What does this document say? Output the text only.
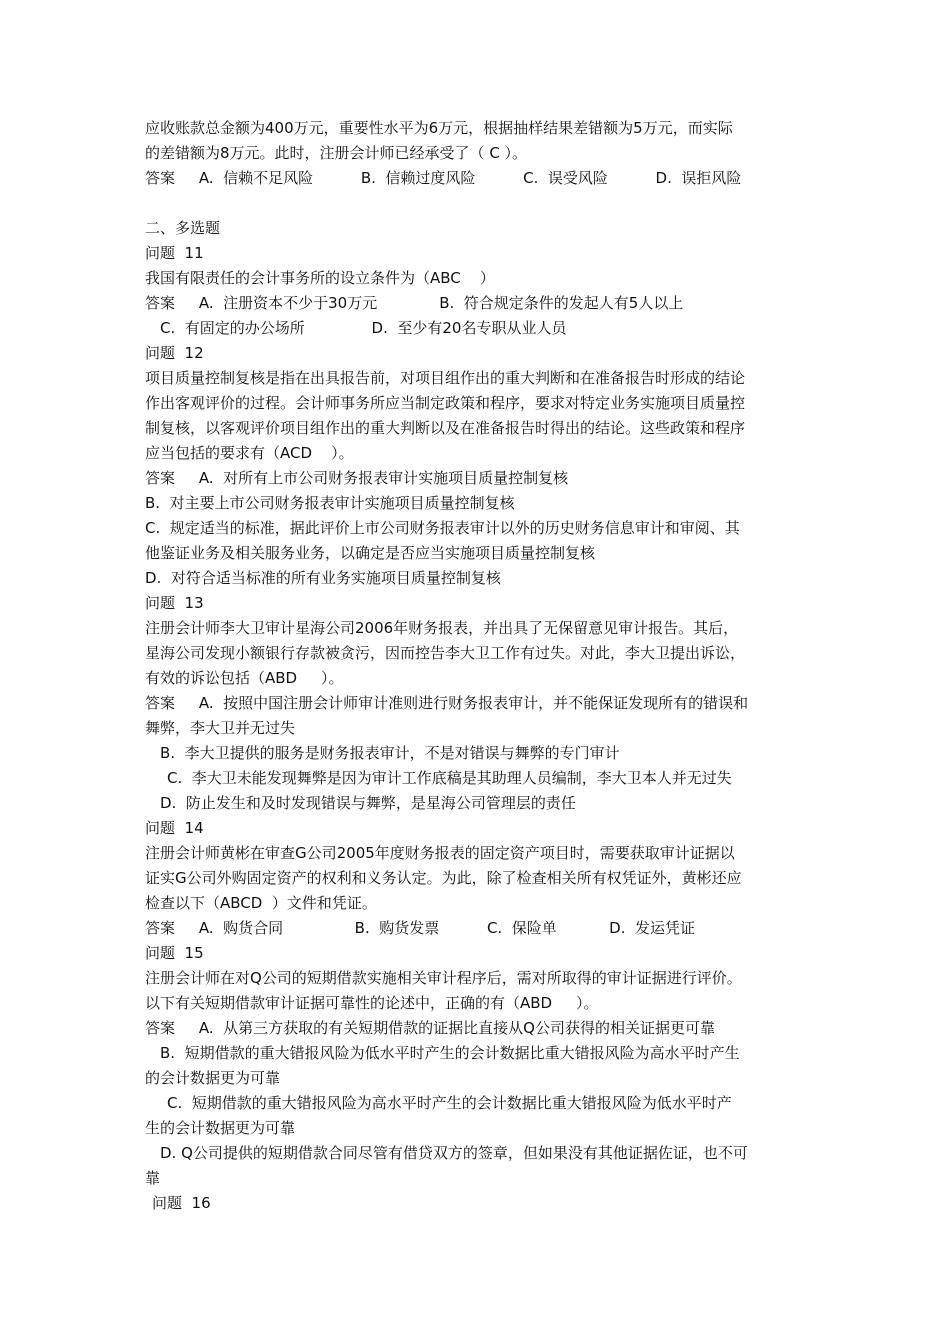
应收账款总金额为400万元，重要性水平为6万元，根据抽样结果差错额为5万元，而实际
的差错额为8万元。此时，注册会计师已经承受了（ C ）。
答案     A.  信赖不足风险          B.  信赖过度风险          C.  误受风险          D.  误拒风险
二、多选题
问题  11
我国有限责任的会计事务所的设立条件为（ABC    ）
答案     A.  注册资本不少于30万元             B.  符合规定条件的发起人有5人以上
C.  有固定的办公场所              D.  至少有20名专职从业人员
问题  12
项目质量控制复核是指在出具报告前，对项目组作出的重大判断和在准备报告时形成的结论
作出客观评价的过程。会计师事务所应当制定政策和程序，要求对特定业务实施项目质量控
制复核，以客观评价项目组作出的重大判断以及在准备报告时得出的结论。这些政策和程序
应当包括的要求有（ACD    ）。
答案     A.  对所有上市公司财务报表审计实施项目质量控制复核
B.  对主要上市公司财务报表审计实施项目质量控制复核
C.  规定适当的标准，据此评价上市公司财务报表审计以外的历史财务信息审计和审阅、其
他鉴证业务及相关服务业务，以确定是否应当实施项目质量控制复核
D.  对符合适当标准的所有业务实施项目质量控制复核
问题  13
注册会计师李大卫审计星海公司2006年财务报表，并出具了无保留意见审计报告。其后，
星海公司发现小额银行存款被贪污，因而控告李大卫工作有过失。对此，李大卫提出诉讼，
有效的诉讼包括（ABD     ）。
答案     A.  按照中国注册会计师审计准则进行财务报表审计，并不能保证发现所有的错误和
舞弊，李大卫并无过失
B.  李大卫提供的服务是财务报表审计，不是对错误与舞弊的专门审计
C.  李大卫未能发现舞弊是因为审计工作底稿是其助理人员编制，李大卫本人并无过失
D.  防止发生和及时发现错误与舞弊，是星海公司管理层的责任
问题  14
注册会计师黄彬在审查G公司2005年度财务报表的固定资产项目时，需要获取审计证据以
证实G公司外购固定资产的权利和义务认定。为此，除了检查相关所有权凭证外，黄彬还应
检查以下（ABCD  ）文件和凭证。
答案     A.  购货合同               B.  购货发票          C.  保险单           D.  发运凭证
问题  15
注册会计师在对Q公司的短期借款实施相关审计程序后，需对所取得的审计证据进行评价。
以下有关短期借款审计证据可靠性的论述中，正确的有（ABD     ）。
答案     A.  从第三方获取的有关短期借款的证据比直接从Q公司获得的相关证据更可靠
B.  短期借款的重大错报风险为低水平时产生的会计数据比重大错报风险为高水平时产生
的会计数据更为可靠
C.  短期借款的重大错报风险为高水平时产生的会计数据比重大错报风险为低水平时产
生的会计数据更为可靠
D. Q公司提供的短期借款合同尽管有借贷双方的签章，但如果没有其他证据佐证，也不可
靠
问题  16
